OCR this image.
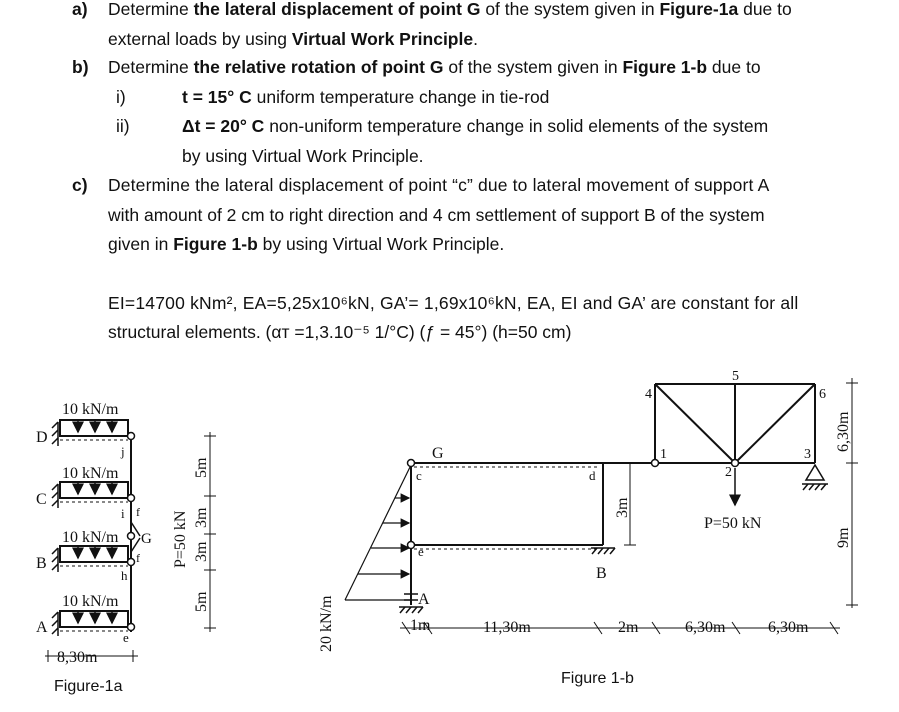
a) Determine the lateral displacement of point G of the system given in Figure-1a due to
external loads by using Virtual Work Principle.
b) Determine the relative rotation of point G of the system given in Figure 1-b due to
i)	t = 15° C uniform temperature change in tie-rod
ii)	Δt = 20° C non-uniform temperature change in solid elements of the system
by using Virtual Work Principle.
c) Determine the lateral displacement of point “c” due to lateral movement of support A
with amount of 2 cm to right direction and 4 cm settlement of support B of the system
given in Figure 1-b by using Virtual Work Principle.
EI=14700 kNm², EA=5,25x10⁶kN, GA’= 1,69x10⁶kN, EA, EI and GA’ are constant for all
structural elements. (αᴛ =1,3.10⁻⁵ 1/°C) (ƒ = 45°) (h=50 cm)
10 kN/m
10 kN/m
10 kN/m
10 kN/m
D
C
B
A
j
i f
G
f
h
e
8,30m
P=50 kN
5m
3m
3m
5m	20 kN/m
c
G
d
e
A
B
1
2
3
4
5
6
P=50 kN
3m
6,30m
9m
1m	11,30m	2m	6,30m	6,30m
Figure-1a	Figure 1-b
